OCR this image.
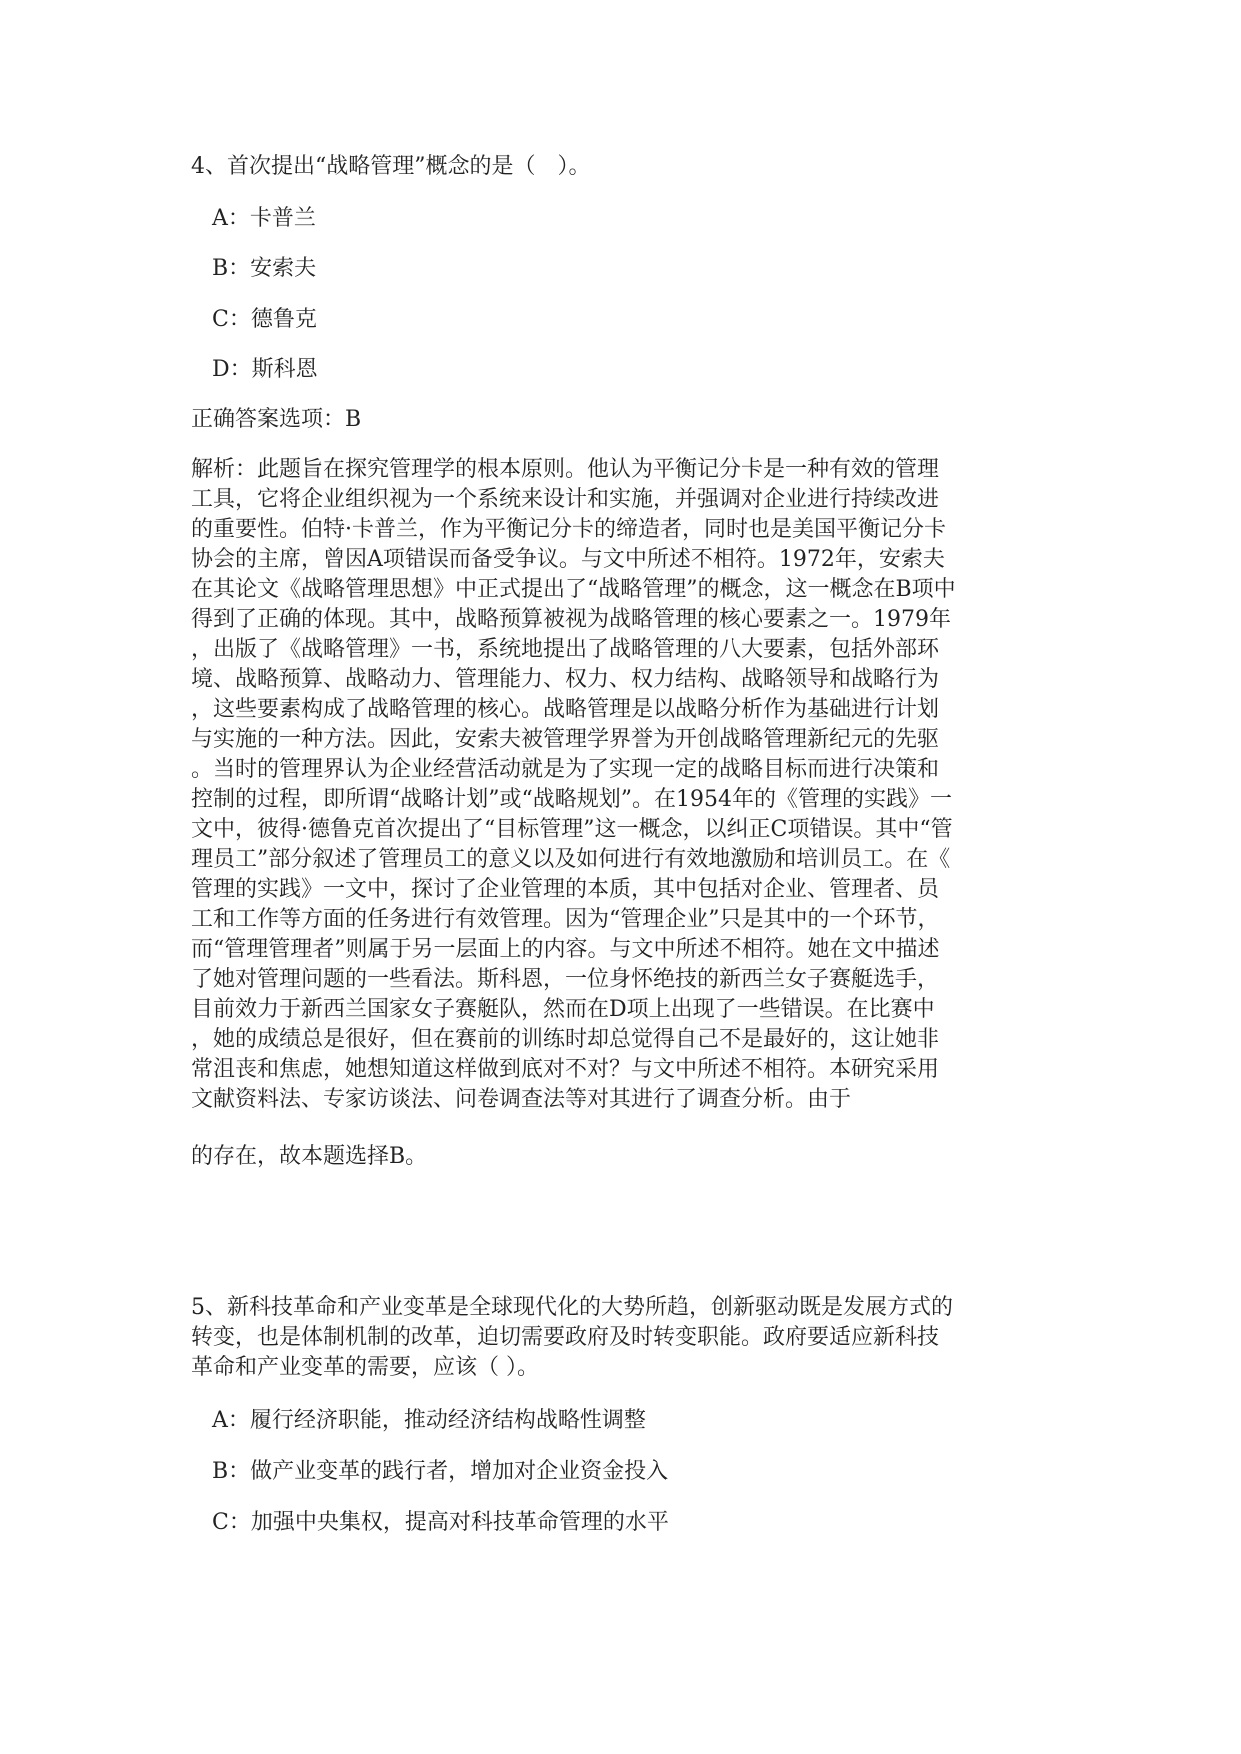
4、首次提出“战略管理”概念的是（　）。
A：卡普兰
B：安索夫
C：德鲁克
D：斯科恩
正确答案选项：B
解析：此题旨在探究管理学的根本原则。他认为平衡记分卡是一种有效的管理
工具，它将企业组织视为一个系统来设计和实施，并强调对企业进行持续改进
的重要性。伯特·卡普兰，作为平衡记分卡的缔造者，同时也是美国平衡记分卡
协会的主席，曾因A项错误而备受争议。与文中所述不相符。1972年，安索夫
在其论文《战略管理思想》中正式提出了“战略管理”的概念，这一概念在B项中
得到了正确的体现。其中，战略预算被视为战略管理的核心要素之一。1979年
，出版了《战略管理》一书，系统地提出了战略管理的八大要素，包括外部环
境、战略预算、战略动力、管理能力、权力、权力结构、战略领导和战略行为
，这些要素构成了战略管理的核心。战略管理是以战略分析作为基础进行计划
与实施的一种方法。因此，安索夫被管理学界誉为开创战略管理新纪元的先驱
。当时的管理界认为企业经营活动就是为了实现一定的战略目标而进行决策和
控制的过程，即所谓“战略计划”或“战略规划”。在1954年的《管理的实践》一
文中，彼得·德鲁克首次提出了“目标管理”这一概念，以纠正C项错误。其中“管
理员工”部分叙述了管理员工的意义以及如何进行有效地激励和培训员工。在《
管理的实践》一文中，探讨了企业管理的本质，其中包括对企业、管理者、员
工和工作等方面的任务进行有效管理。因为“管理企业”只是其中的一个环节，
而“管理管理者”则属于另一层面上的内容。与文中所述不相符。她在文中描述
了她对管理问题的一些看法。斯科恩，一位身怀绝技的新西兰女子赛艇选手，
目前效力于新西兰国家女子赛艇队，然而在D项上出现了一些错误。在比赛中
，她的成绩总是很好，但在赛前的训练时却总觉得自己不是最好的，这让她非
常沮丧和焦虑，她想知道这样做到底对不对？与文中所述不相符。本研究采用
文献资料法、专家访谈法、问卷调查法等对其进行了调查分析。由于
的存在，故本题选择B。
5、新科技革命和产业变革是全球现代化的大势所趋，创新驱动既是发展方式的
转变，也是体制机制的改革，迫切需要政府及时转变职能。政府要适应新科技
革命和产业变革的需要，应该（ ）。
A：履行经济职能，推动经济结构战略性调整
B：做产业变革的践行者，增加对企业资金投入
C：加强中央集权，提高对科技革命管理的水平
